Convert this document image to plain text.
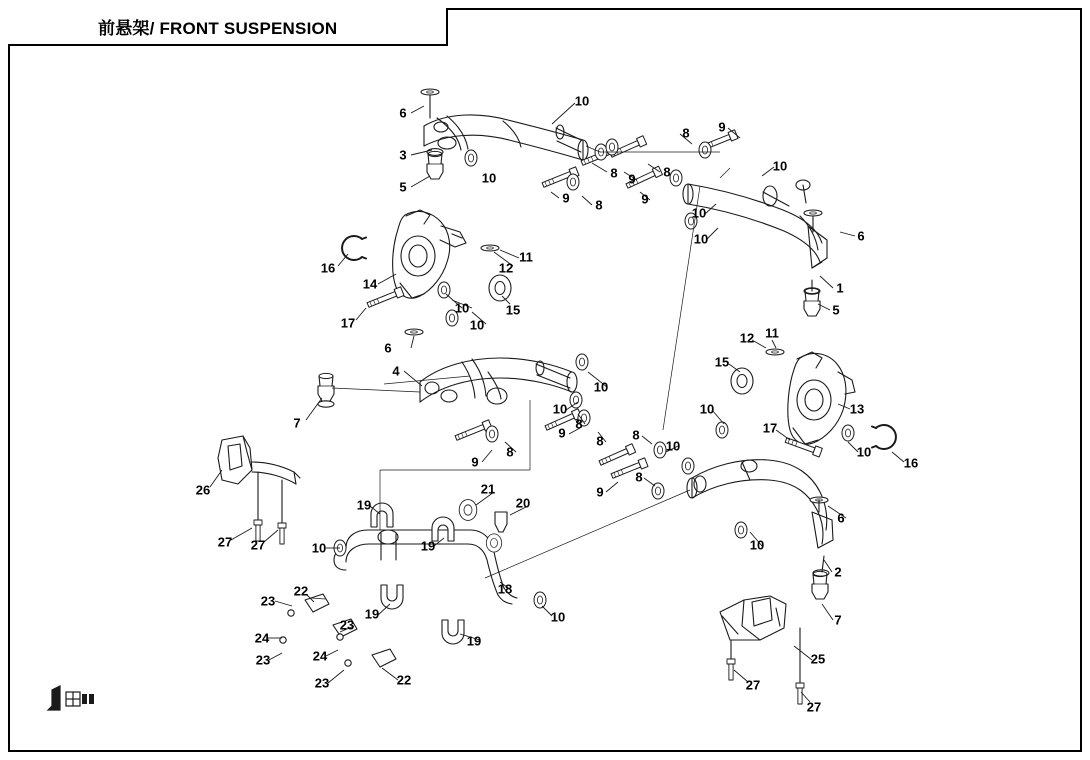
前悬架/ FRONT SUSPENSION
6
10
8 9
3
10	8	8	10
5
9 8
9
9
10
6
10
16
11
12
14	1
10	15	5
17	10
12 11
6
15
4
10
13
7
10	10
8
9
8 8
10
17
16
10
8
9
8
9
26
6
21
19	20
10	19	10
27 27
2
23
22
19
18
10
23
24
7
19
23	24	25
23	22	27
27
